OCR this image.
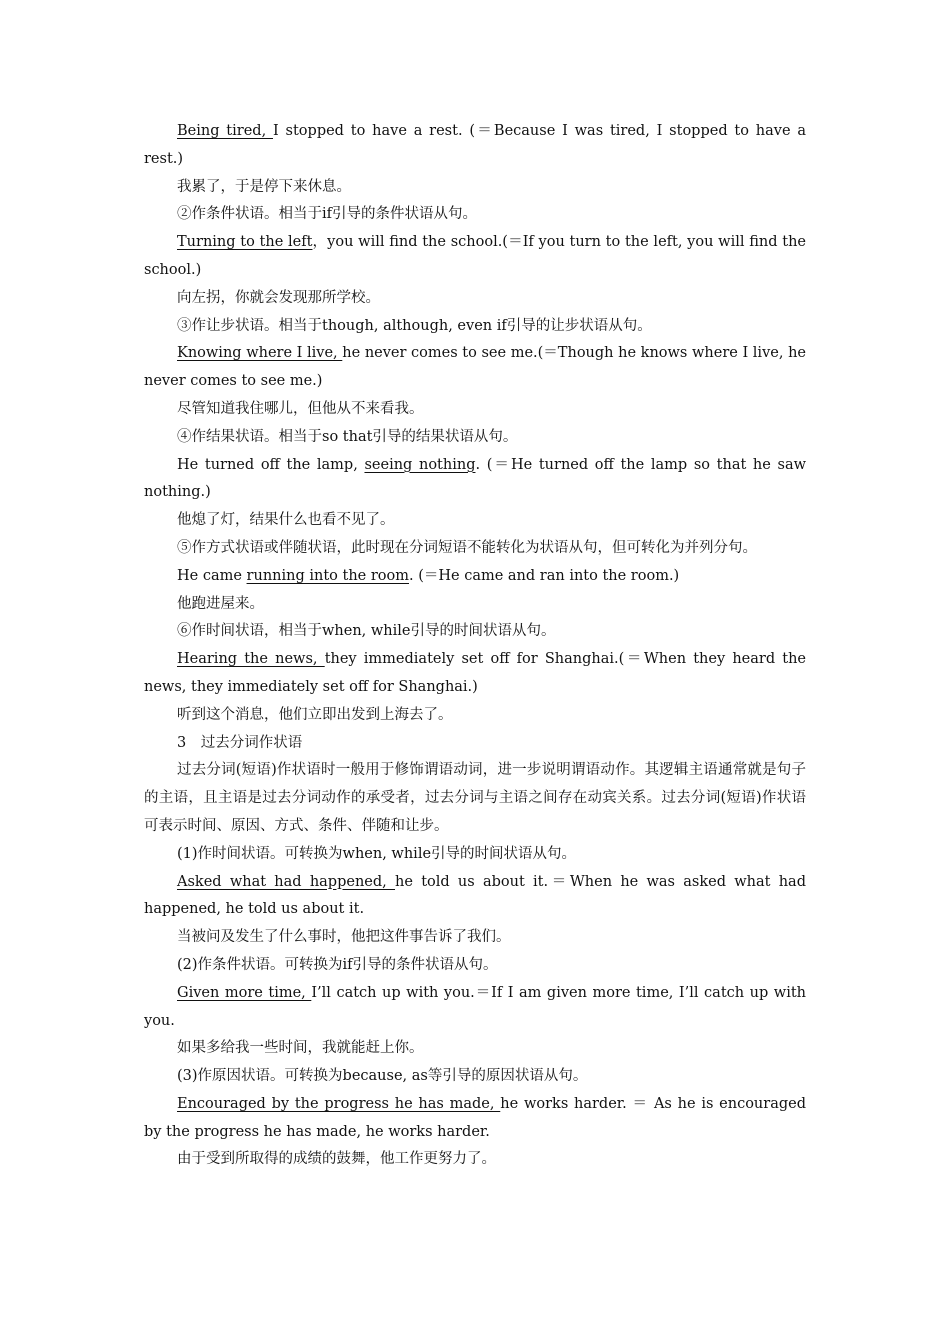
Being tired, I stopped to have a rest. (＝Because I was tired, I stopped to have a rest.)

我累了，于是停下来休息。

②作条件状语。相当于if引导的条件状语从句。

Turning to the left，you will find the school.(＝If you turn to the left, you will find the school.)

向左拐，你就会发现那所学校。

③作让步状语。相当于though, although, even if引导的让步状语从句。

Knowing where I live, he never comes to see me.(＝Though he knows where I live, he never comes to see me.)

尽管知道我住哪儿，但他从不来看我。

④作结果状语。相当于so that引导的结果状语从句。

He turned off the lamp, seeing nothing. (＝He turned off the lamp so that he saw nothing.)

他熄了灯，结果什么也看不见了。

⑤作方式状语或伴随状语，此时现在分词短语不能转化为状语从句，但可转化为并列分句。

He came running into the room. (＝He came and ran into the room.)

他跑进屋来。

⑥作时间状语，相当于when, while引导的时间状语从句。

Hearing the news, they immediately set off for Shanghai.(＝When they heard the news, they immediately set off for Shanghai.)

听到这个消息，他们立即出发到上海去了。

3　过去分词作状语

过去分词(短语)作状语时一般用于修饰谓语动词，进一步说明谓语动作。其逻辑主语通常就是句子的主语，且主语是过去分词动作的承受者，过去分词与主语之间存在动宾关系。过去分词(短语)作状语可表示时间、原因、方式、条件、伴随和让步。

(1)作时间状语。可转换为when, while引导的时间状语从句。

Asked what had happened, he told us about it.＝When he was asked what had happened, he told us about it.

当被问及发生了什么事时，他把这件事告诉了我们。

(2)作条件状语。可转换为if引导的条件状语从句。

Given more time, I’ll catch up with you.＝If I am given more time, I’ll catch up with you.

如果多给我一些时间，我就能赶上你。

(3)作原因状语。可转换为because, as等引导的原因状语从句。

Encouraged by the progress he has made, he works harder. ＝ As he is encouraged by the progress he has made, he works harder.

由于受到所取得的成绩的鼓舞，他工作更努力了。
